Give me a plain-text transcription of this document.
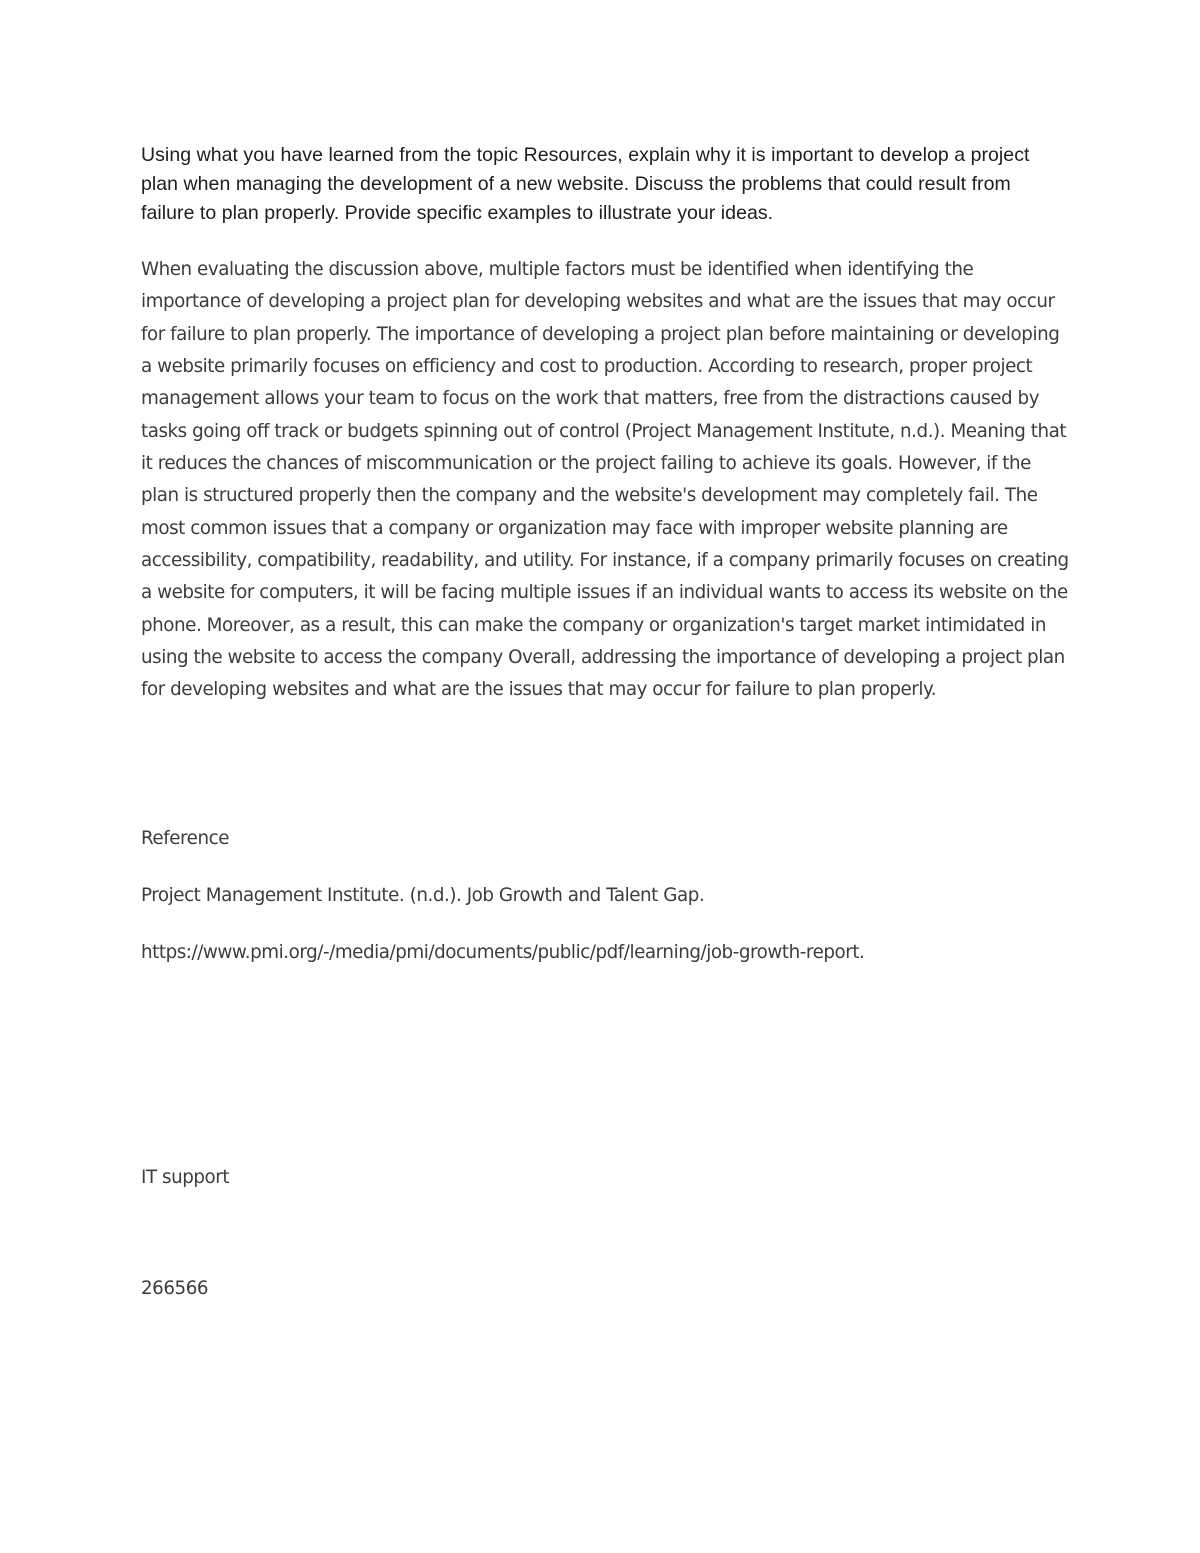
Using what you have learned from the topic Resources, explain why it is important to develop a project plan when managing the development of a new website. Discuss the problems that could result from failure to plan properly. Provide specific examples to illustrate your ideas.

When evaluating the discussion above, multiple factors must be identified when identifying the importance of developing a project plan for developing websites and what are the issues that may occur for failure to plan properly. The importance of developing a project plan before maintaining or developing a website primarily focuses on efficiency and cost to production. According to research, proper project management allows your team to focus on the work that matters, free from the distractions caused by tasks going off track or budgets spinning out of control (Project Management Institute, n.d.). Meaning that it reduces the chances of miscommunication or the project failing to achieve its goals. However, if the plan is structured properly then the company and the website's development may completely fail. The most common issues that a company or organization may face with improper website planning are accessibility, compatibility, readability, and utility. For instance, if a company primarily focuses on creating a website for computers, it will be facing multiple issues if an individual wants to access its website on the phone. Moreover, as a result, this can make the company or organization's target market intimidated in using the website to access the company Overall, addressing the importance of developing a project plan for developing websites and what are the issues that may occur for failure to plan properly.

Reference

Project Management Institute. (n.d.). Job Growth and Talent Gap.

https://www.pmi.org/-/media/pmi/documents/public/pdf/learning/job-growth-report.

IT support

266566
